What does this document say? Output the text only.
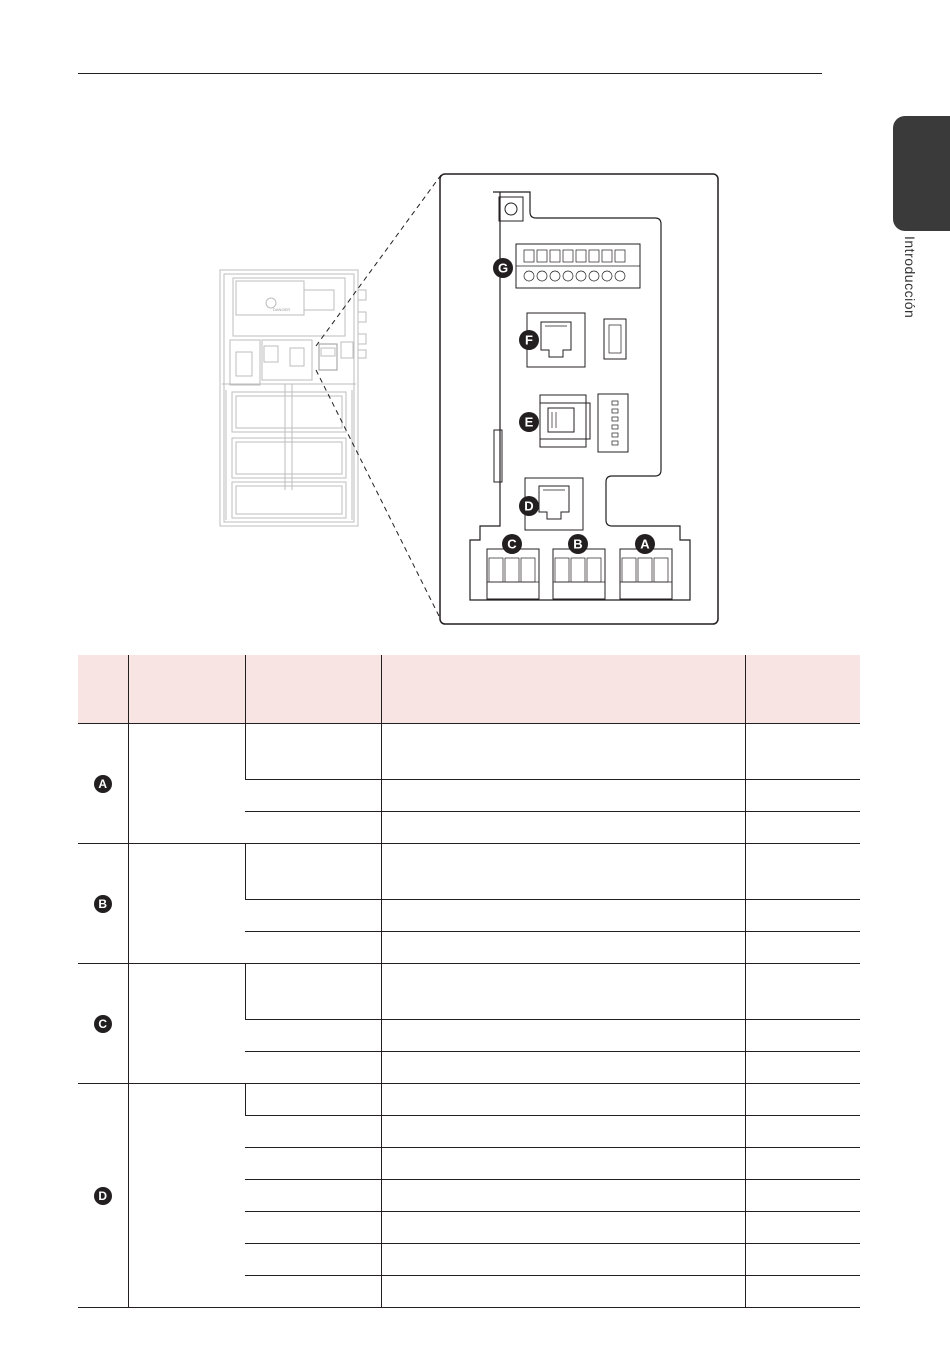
Introducción
DANGER
G
F
E
D
C	B	A

A				

B				

C				

D				
